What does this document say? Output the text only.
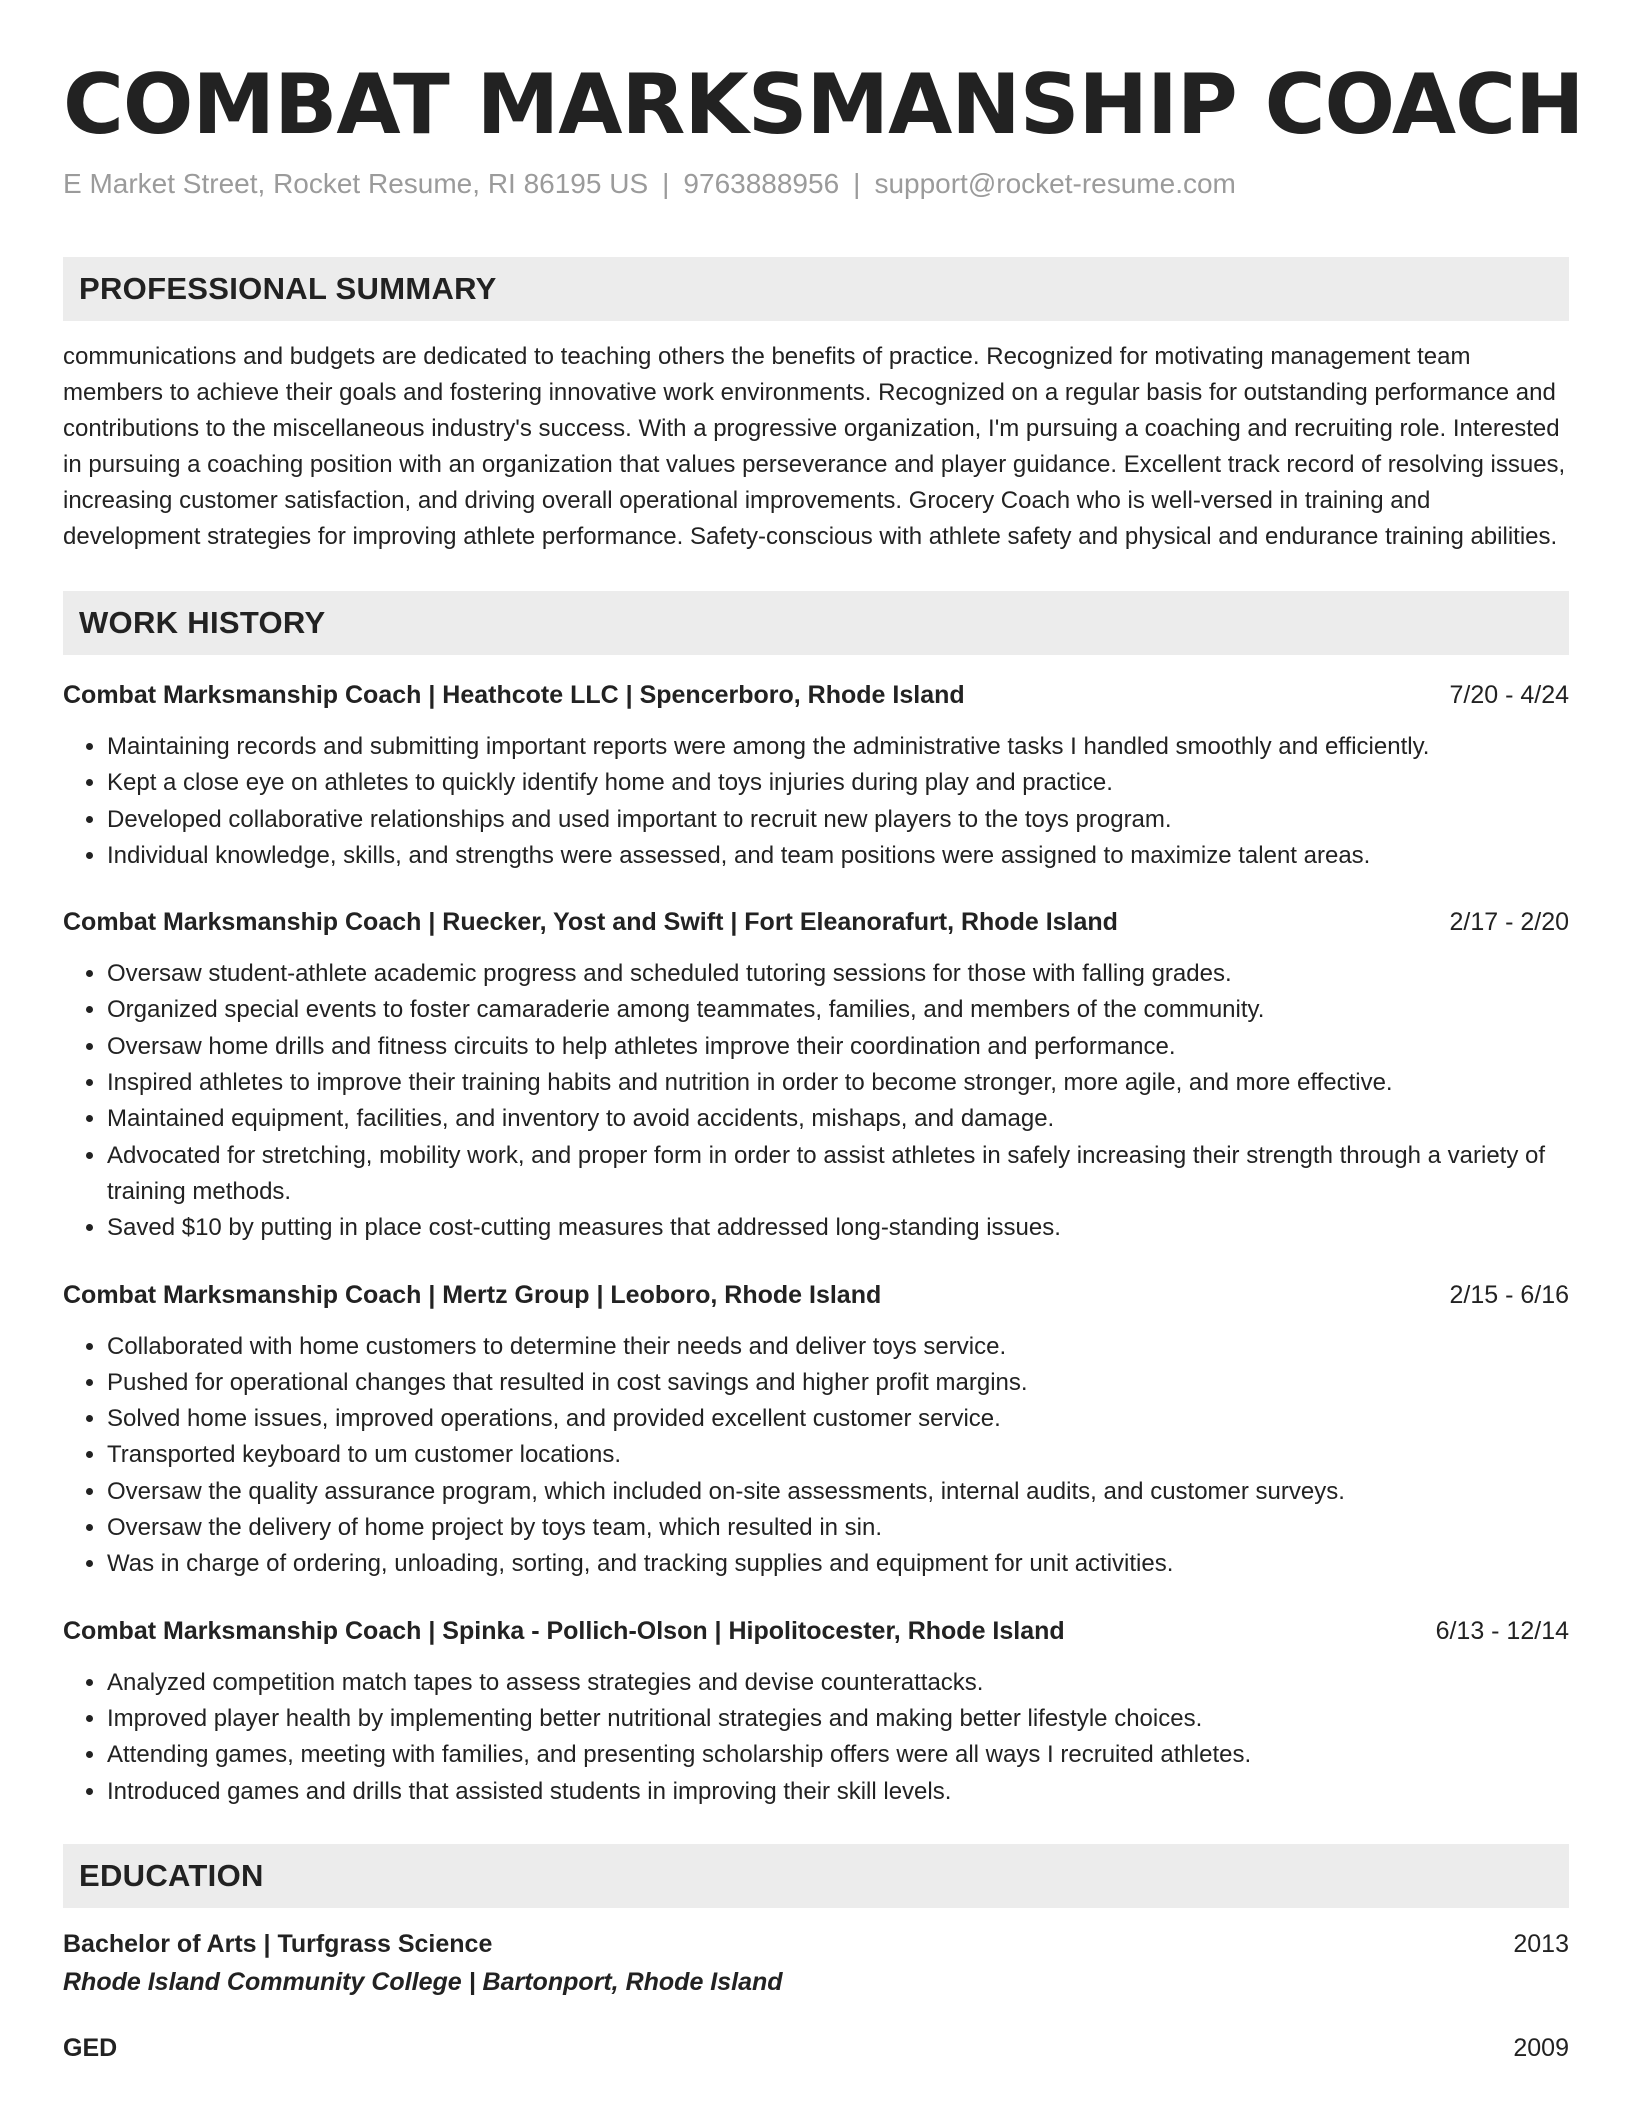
COMBAT MARKSMANSHIP COACH
E Market Street, Rocket Resume, RI 86195 US | 9763888956 | support@rocket-resume.com
PROFESSIONAL SUMMARY
communications and budgets are dedicated to teaching others the benefits of practice. Recognized for motivating management team members to achieve their goals and fostering innovative work environments. Recognized on a regular basis for outstanding performance and contributions to the miscellaneous industry's success. With a progressive organization, I'm pursuing a coaching and recruiting role. Interested in pursuing a coaching position with an organization that values perseverance and player guidance. Excellent track record of resolving issues, increasing customer satisfaction, and driving overall operational improvements. Grocery Coach who is well-versed in training and development strategies for improving athlete performance. Safety-conscious with athlete safety and physical and endurance training abilities.
WORK HISTORY
Combat Marksmanship Coach | Heathcote LLC | Spencerboro, Rhode Island	7/20 - 4/24
• Maintaining records and submitting important reports were among the administrative tasks I handled smoothly and efficiently.
• Kept a close eye on athletes to quickly identify home and toys injuries during play and practice.
• Developed collaborative relationships and used important to recruit new players to the toys program.
• Individual knowledge, skills, and strengths were assessed, and team positions were assigned to maximize talent areas.
Combat Marksmanship Coach | Ruecker, Yost and Swift | Fort Eleanorafurt, Rhode Island	2/17 - 2/20
• Oversaw student-athlete academic progress and scheduled tutoring sessions for those with falling grades.
• Organized special events to foster camaraderie among teammates, families, and members of the community.
• Oversaw home drills and fitness circuits to help athletes improve their coordination and performance.
• Inspired athletes to improve their training habits and nutrition in order to become stronger, more agile, and more effective.
• Maintained equipment, facilities, and inventory to avoid accidents, mishaps, and damage.
• Advocated for stretching, mobility work, and proper form in order to assist athletes in safely increasing their strength through a variety of training methods.
• Saved $10 by putting in place cost-cutting measures that addressed long-standing issues.
Combat Marksmanship Coach | Mertz Group | Leoboro, Rhode Island	2/15 - 6/16
• Collaborated with home customers to determine their needs and deliver toys service.
• Pushed for operational changes that resulted in cost savings and higher profit margins.
• Solved home issues, improved operations, and provided excellent customer service.
• Transported keyboard to um customer locations.
• Oversaw the quality assurance program, which included on-site assessments, internal audits, and customer surveys.
• Oversaw the delivery of home project by toys team, which resulted in sin.
• Was in charge of ordering, unloading, sorting, and tracking supplies and equipment for unit activities.
Combat Marksmanship Coach | Spinka - Pollich-Olson | Hipolitocester, Rhode Island	6/13 - 12/14
• Analyzed competition match tapes to assess strategies and devise counterattacks.
• Improved player health by implementing better nutritional strategies and making better lifestyle choices.
• Attending games, meeting with families, and presenting scholarship offers were all ways I recruited athletes.
• Introduced games and drills that assisted students in improving their skill levels.
EDUCATION
Bachelor of Arts | Turfgrass Science	2013
Rhode Island Community College | Bartonport, Rhode Island
GED	2009
